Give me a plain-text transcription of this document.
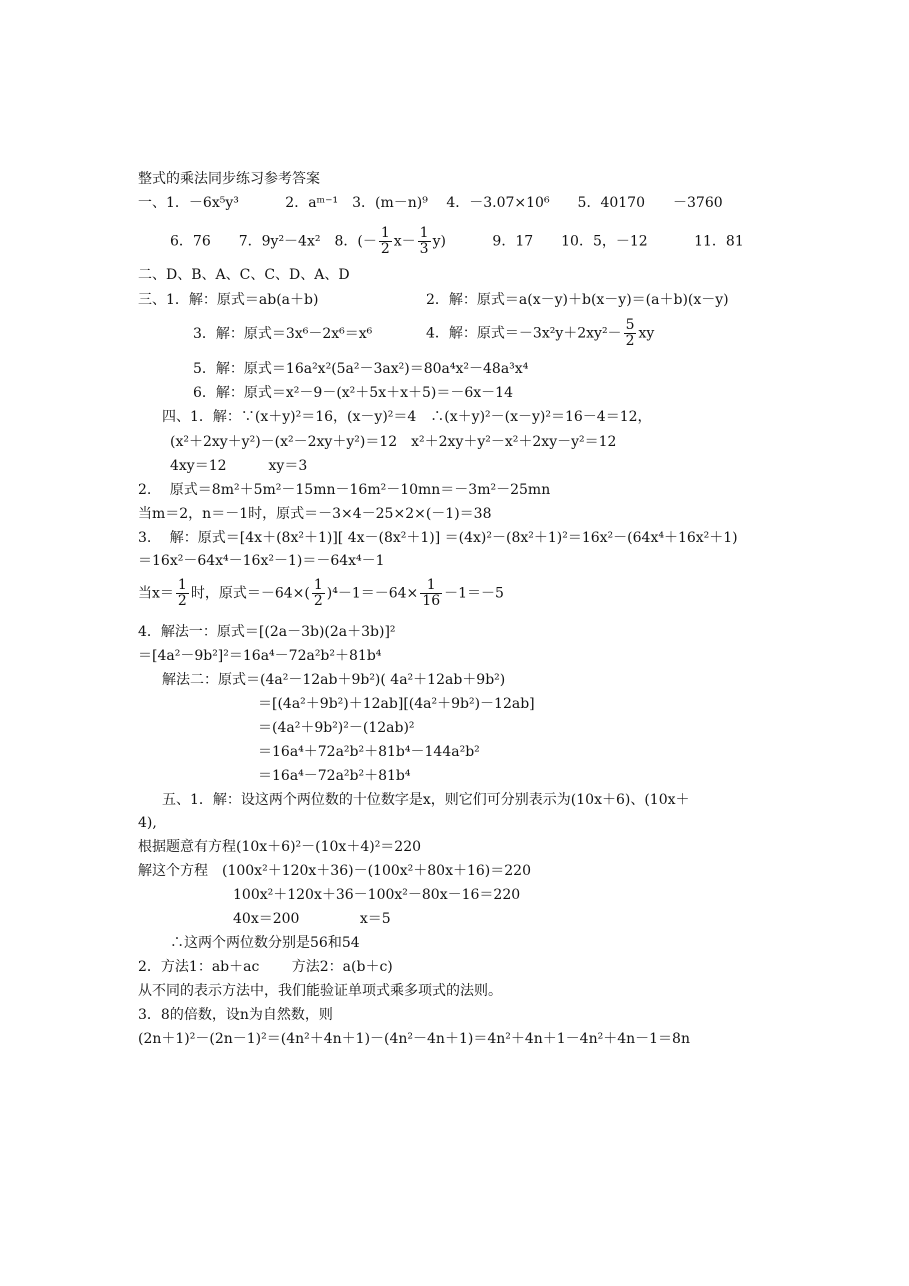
整式的乘法同步练习参考答案
一、1．－6x⁵y³　　　 2．aᵐ⁻¹　3．(m－n)⁹　 4．－3.07×10⁶　　5．40170　　－3760
6．76　　7．9y²－4x²　8．(－ $\frac{1}{2} x- \frac{1}{3} y$)　　　 9．17　　10．5，－12　　　 11．81
二、D、B、A、C、C、D、A、D
三、1．解：原式＝ab(a＋b)	2．解：原式＝a(x－y)＋b(x－y)＝(a＋b)(x－y)
3．解：原式＝3x⁶－2x⁶＝x⁶	4．解：原式$=-3x^2y+2xy^2- \frac{5}{2}$ xy
5．解：原式＝16a²x²(5a²－3ax²)＝80a⁴x²－48a³x⁴
6．解：原式＝x²－9－(x²＋5x＋x＋5)＝－6x－14
四、1．解：∵(x＋y)²＝16，(x－y)²＝4　∴(x＋y)²－(x－y)²＝16－4＝12，
(x²＋2xy＋y²)－(x²－2xy＋y²)＝12　x²＋2xy＋y²－x²＋2xy－y²＝12
4xy＝12　　　xy＝3
2.　 原式＝8m²＋5m²－15mn－16m²－10mn＝－3m²－25mn
当m＝2，n＝－1时，原式＝－3×4－25×2×(－1)＝38
3.　 解：原式＝[4x＋(8x²＋1)][ 4x－(8x²＋1)] ＝(4x)²－(8x²＋1)²＝16x²－(64x⁴＋16x²＋1)
＝16x²－64x⁴－16x²－1)＝－64x⁴－1
当$x= \frac{1}{2}$ 时，原式$=-64\times( \frac{1}{2} )^4-1=-64\times \frac{1}{16} -1=-5$
4．解法一：原式＝[(2a－3b)(2a＋3b)]²
＝[4a²－9b²]²＝16a⁴－72a²b²＋81b⁴
解法二：原式＝(4a²－12ab＋9b²)( 4a²＋12ab＋9b²)
＝[(4a²＋9b²)＋12ab][(4a²＋9b²)－12ab]
＝(4a²＋9b²)²－(12ab)²
＝16a⁴＋72a²b²＋81b⁴－144a²b²
＝16a⁴－72a²b²＋81b⁴
五、1．解：设这两个两位数的十位数字是x，则它们可分别表示为(10x＋6)、(10x＋
4),
根据题意有方程(10x＋6)²－(10x＋4)²＝220
解这个方程　(100x²＋120x＋36)－(100x²＋80x＋16)＝220
100x²＋120x＋36－100x²－80x－16＝220
40x＝200　　　　 x＝5
∴这两个两位数分别是56和54
2．方法1：ab＋ac　　 方法2：a(b＋c)
从不同的表示方法中，我们能验证单项式乘多项式的法则。
3．8的倍数，设n为自然数，则
(2n＋1)²－(2n－1)²＝(4n²＋4n＋1)－(4n²－4n＋1)＝4n²＋4n＋1－4n²＋4n－1＝8n
